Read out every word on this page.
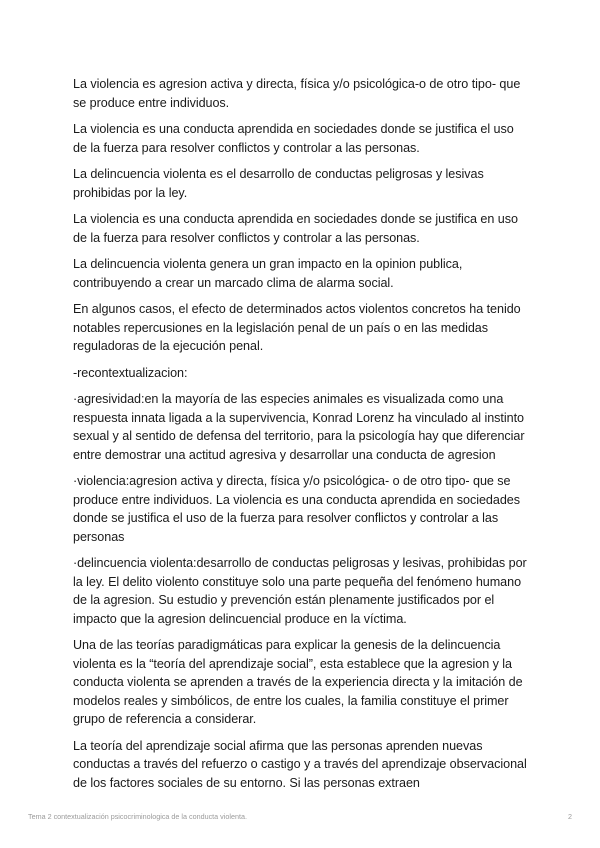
La violencia es agresion activa y directa, física y/o psicológica-o de otro tipo- que se produce entre individuos.

La violencia es una conducta aprendida en sociedades donde se justifica el uso de la fuerza para resolver conflictos y controlar a las personas.

La delincuencia violenta es el desarrollo de conductas peligrosas y lesivas prohibidas por la ley.

La violencia es una conducta aprendida en sociedades donde se justifica en uso de la fuerza para resolver conflictos y controlar a las personas.

La delincuencia violenta genera un gran impacto en la opinion publica, contribuyendo a crear un marcado clima de alarma social.

En algunos casos, el efecto de determinados actos violentos concretos ha tenido notables repercusiones en la legislación penal de un país o en las medidas reguladoras de la ejecución penal.

-recontextualizacion:

·agresividad:en la mayoría de las especies animales es visualizada como una respuesta innata ligada a la supervivencia, Konrad Lorenz ha vinculado al instinto sexual y al sentido de defensa del territorio, para la psicología hay que diferenciar entre demostrar una actitud agresiva y desarrollar una conducta de agresion

·violencia:agresion activa y directa, física y/o psicológica- o de otro tipo- que se produce entre individuos. La violencia es una conducta aprendida en sociedades donde se justifica el uso de la fuerza para resolver conflictos y controlar a las personas

·delincuencia violenta:desarrollo de conductas peligrosas y lesivas, prohibidas por la ley. El delito violento constituye solo una parte pequeña del fenómeno humano de la agresion. Su estudio y prevención están plenamente justificados por el impacto que la agresion delincuencial produce en la víctima.

Una de las teorías paradigmáticas para explicar la genesis de la delincuencia violenta es la “teoría del aprendizaje social”, esta establece que la agresion y la conducta violenta se aprenden a través de la experiencia directa y la imitación de modelos reales y simbólicos, de entre los cuales, la familia constituye el primer grupo de referencia a considerar.

La teoría del aprendizaje social afirma que las personas aprenden nuevas conductas a través del refuerzo o castigo y a través del aprendizaje observacional de los factores sociales de su entorno. Si las personas extraen

Tema 2 contextualización psicocriminologica de la conducta violenta.	2
